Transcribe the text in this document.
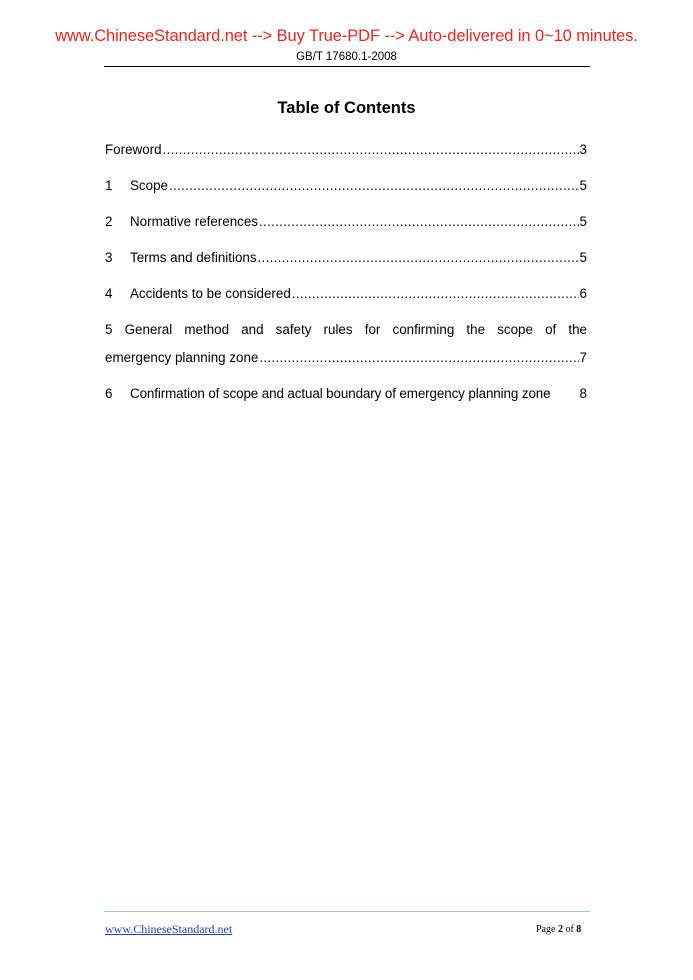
www.ChineseStandard.net --> Buy True-PDF --> Auto-delivered in 0~10 minutes.
GB/T 17680.1-2008
Table of Contents
Foreword .....	3
1	Scope .....	5
2	Normative references .....	5
3	Terms and definitions .....	5
4	Accidents to be considered .....	6
5 General method and safety rules for confirming the scope of the
emergency planning zone .....	7
6	Confirmation of scope and actual boundary of emergency planning zone 8
www.ChineseStandard.net	Page 2 of 8
